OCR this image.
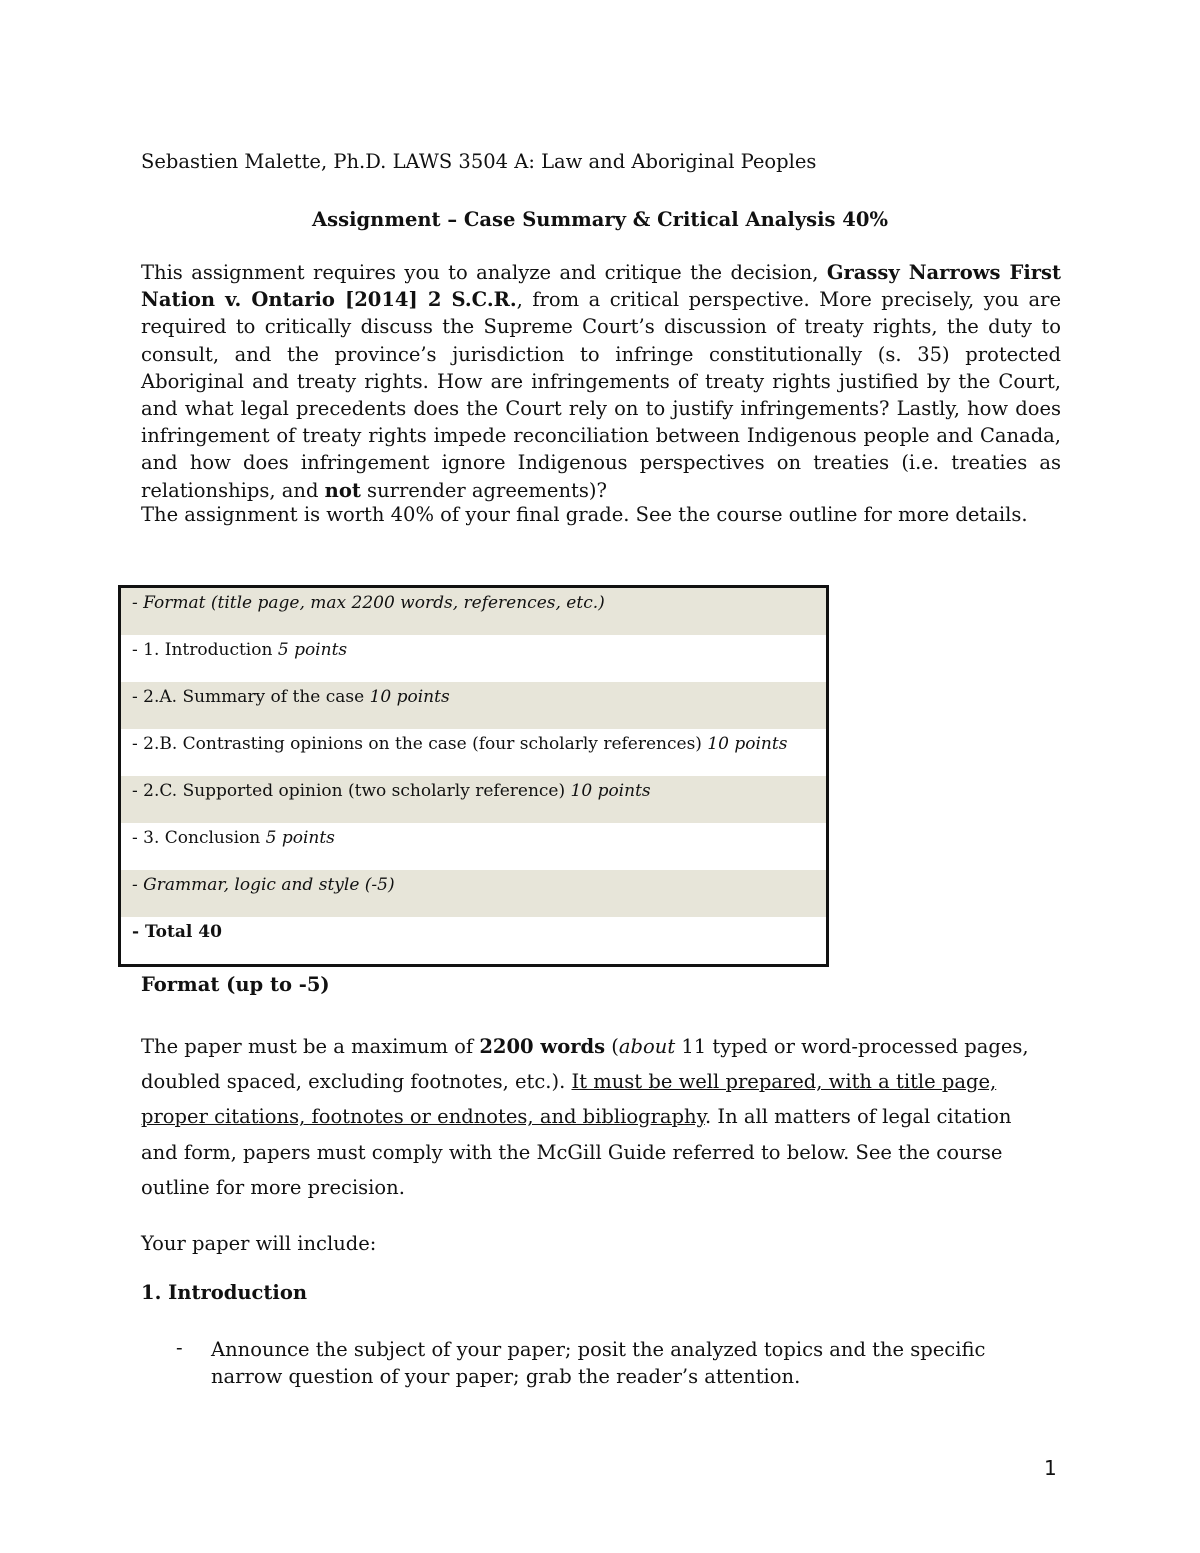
Sebastien Malette, Ph.D. LAWS 3504 A: Law and Aboriginal Peoples
Assignment – Case Summary & Critical Analysis 40%

This assignment requires you to analyze and critique the decision, Grassy Narrows First Nation v. Ontario [2014] 2 S.C.R., from a critical perspective. More precisely, you are required to critically discuss the Supreme Court’s discussion of treaty rights, the duty to consult, and the province’s jurisdiction to infringe constitutionally (s. 35) protected Aboriginal and treaty rights. How are infringements of treaty rights justified by the Court, and what legal precedents does the Court rely on to justify infringements? Lastly, how does infringement of treaty rights impede reconciliation between Indigenous people and Canada, and how does infringement ignore Indigenous perspectives on treaties (i.e. treaties as relationships, and not surrender agreements)?

The assignment is worth 40% of your final grade. See the course outline for more details.

- Format (title page, max 2200 words, references, etc.)
- 1. Introduction 5 points
- 2.A. Summary of the case 10 points
- 2.B. Contrasting opinions on the case (four scholarly references) 10 points
- 2.C. Supported opinion (two scholarly reference) 10 points
- 3. Conclusion 5 points
- Grammar, logic and style (-5)
- Total 40
Format (up to -5)

The paper must be a maximum of 2200 words (about 11 typed or word-processed pages, doubled spaced, excluding footnotes, etc.). It must be well prepared, with a title page, proper citations, footnotes or endnotes, and bibliography. In all matters of legal citation and form, papers must comply with the McGill Guide referred to below. See the course outline for more precision.

Your paper will include:
1. Introduction
- Announce the subject of your paper; posit the analyzed topics and the specific narrow question of your paper; grab the reader’s attention.

1
